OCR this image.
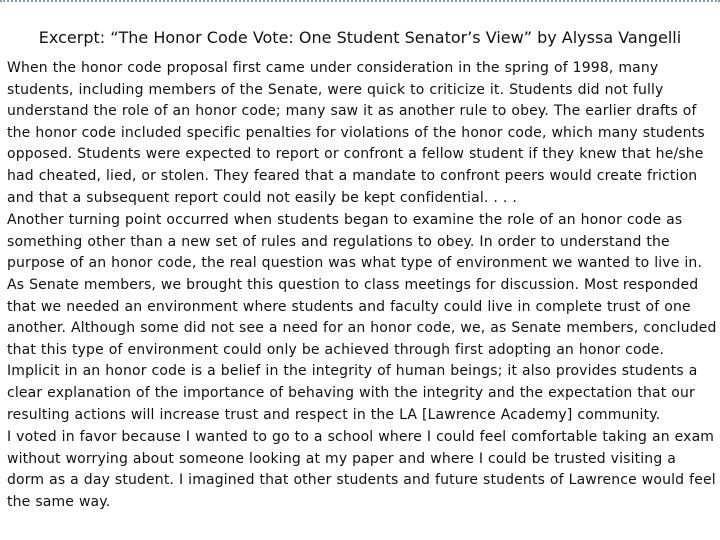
Excerpt: “The Honor Code Vote: One Student Senator’s View” by Alyssa Vangelli

When the honor code proposal first came under consideration in the spring of 1998, many students, including members of the Senate, were quick to criticize it. Students did not fully understand the role of an honor code; many saw it as another rule to obey. The earlier drafts of the honor code included specific penalties for violations of the honor code, which many students opposed. Students were expected to report or confront a fellow student if they knew that he/she had cheated, lied, or stolen. They feared that a mandate to confront peers would create friction and that a subsequent report could not easily be kept confidential. . . .

Another turning point occurred when students began to examine the role of an honor code as something other than a new set of rules and regulations to obey. In order to understand the purpose of an honor code, the real question was what type of environment we wanted to live in. As Senate members, we brought this question to class meetings for discussion. Most responded that we needed an environment where students and faculty could live in complete trust of one another. Although some did not see a need for an honor code, we, as Senate members, concluded that this type of environment could only be achieved through first adopting an honor code. Implicit in an honor code is a belief in the integrity of human beings; it also provides students a clear explanation of the importance of behaving with the integrity and the expectation that our resulting actions will increase trust and respect in the LA [Lawrence Academy] community.

I voted in favor because I wanted to go to a school where I could feel comfortable taking an exam without worrying about someone looking at my paper and where I could be trusted visiting a dorm as a day student. I imagined that other students and future students of Lawrence would feel the same way.
